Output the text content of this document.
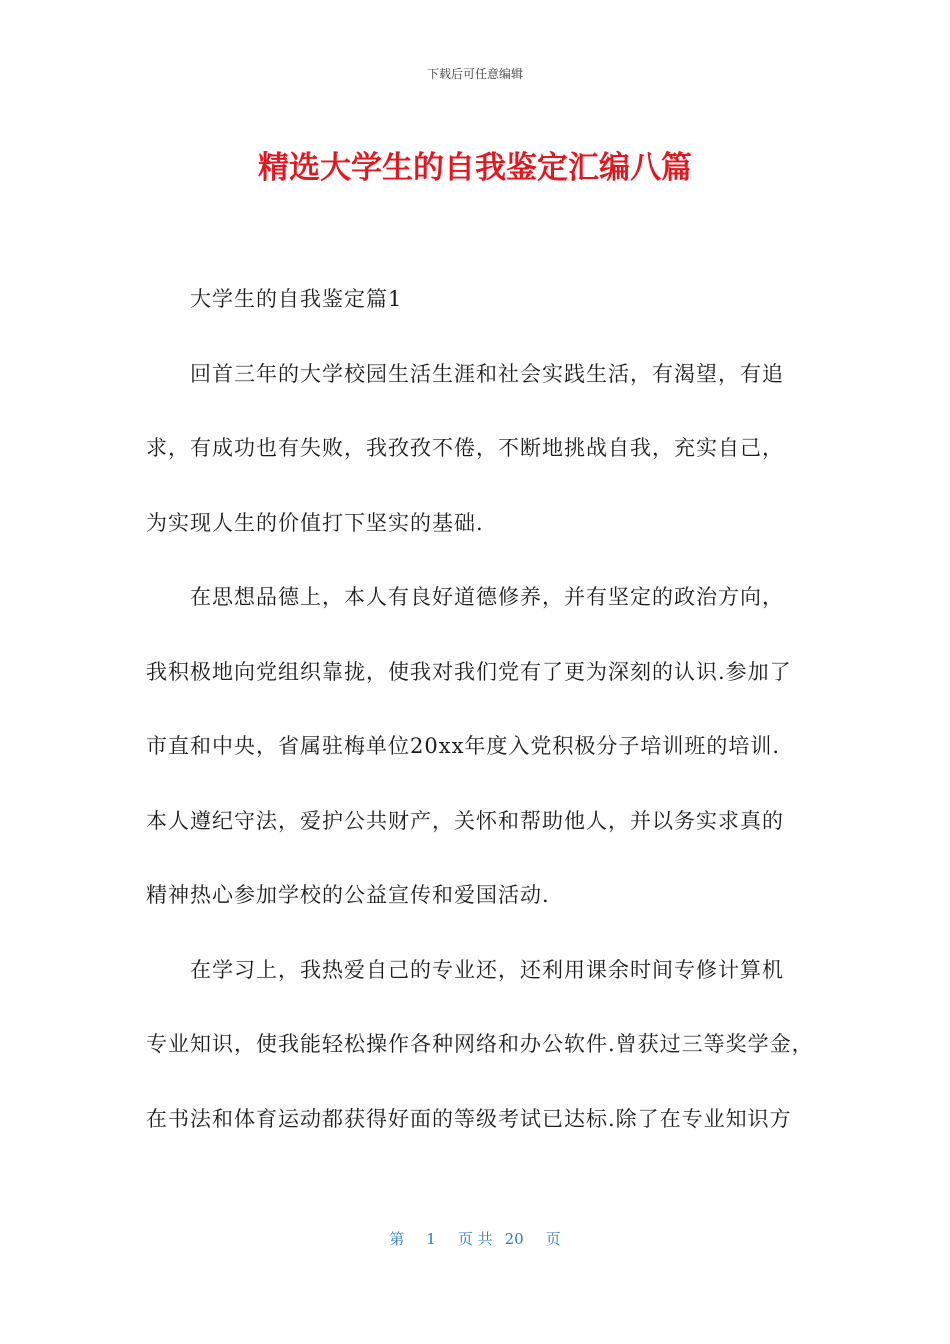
下载后可任意编辑
精选大学生的自我鉴定汇编八篇
大学生的自我鉴定篇1
回首三年的大学校园生活生涯和社会实践生活，有渴望，有追
求，有成功也有失败，我孜孜不倦，不断地挑战自我，充实自己，
为实现人生的价值打下坚实的基础.
在思想品德上，本人有良好道德修养，并有坚定的政治方向，
我积极地向党组织靠拢，使我对我们党有了更为深刻的认识.参加了
市直和中央，省属驻梅单位20xx年度入党积极分子培训班的培训.
本人遵纪守法，爱护公共财产，关怀和帮助他人，并以务实求真的
精神热心参加学校的公益宣传和爱国活动.
在学习上，我热爱自己的专业还，还利用课余时间专修计算机
专业知识，使我能轻松操作各种网络和办公软件.曾获过三等奖学金，
在书法和体育运动都获得好面的等级考试已达标.除了在专业知识方
第 1 页 共 20 页
